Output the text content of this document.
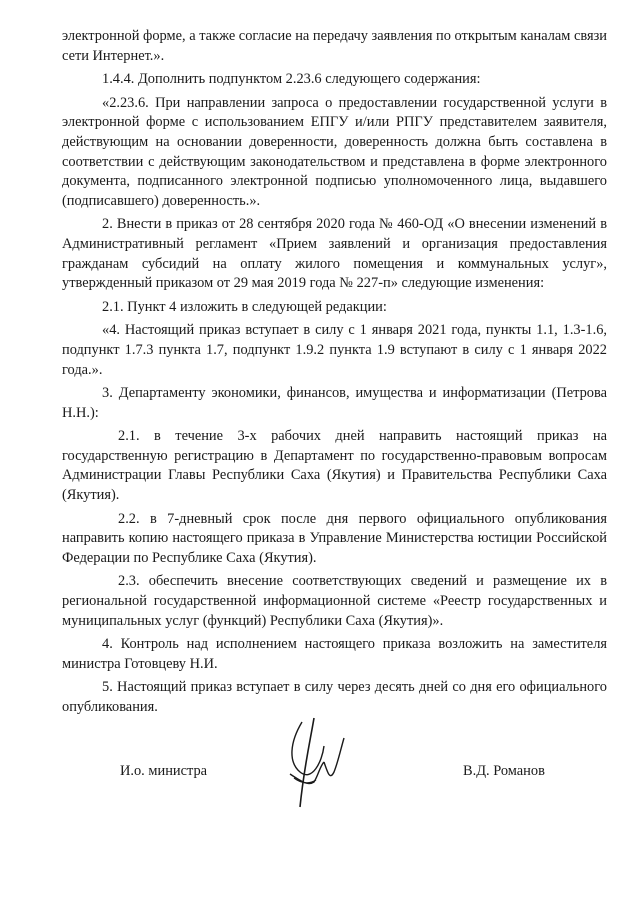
электронной форме, а также согласие на передачу заявления по открытым каналам связи сети Интернет.».

1.4.4. Дополнить подпунктом 2.23.6 следующего содержания:

«2.23.6. При направлении запроса о предоставлении государственной услуги в электронной форме с использованием ЕПГУ и/или РПГУ представителем заявителя, действующим на основании доверенности, доверенность должна быть составлена в соответствии с действующим законодательством и представлена в форме электронного документа, подписанного электронной подписью уполномоченного лица, выдавшего (подписавшего) доверенность.».

2. Внести в приказ от 28 сентября 2020 года № 460-ОД «О внесении изменений в Административный регламент «Прием заявлений и организация предоставления гражданам субсидий на оплату жилого помещения и коммунальных услуг», утвержденный приказом от 29 мая 2019 года № 227-п» следующие изменения:

2.1. Пункт 4 изложить в следующей редакции:

«4. Настоящий приказ вступает в силу с 1 января 2021 года, пункты 1.1, 1.3-1.6, подпункт 1.7.3 пункта 1.7, подпункт 1.9.2 пункта 1.9 вступают в силу с 1 января 2022 года.».

3. Департаменту экономики, финансов, имущества и информатизации (Петрова Н.Н.):

2.1. в течение 3-х рабочих дней направить настоящий приказ на государственную регистрацию в Департамент по государственно-правовым вопросам Администрации Главы Республики Саха (Якутия) и Правительства Республики Саха (Якутия).

2.2. в 7-дневный срок после дня первого официального опубликования направить копию настоящего приказа в Управление Министерства юстиции Российской Федерации по Республике Саха (Якутия).

2.3. обеспечить внесение соответствующих сведений и размещение их в региональной государственной информационной системе «Реестр государственных и муниципальных услуг (функций) Республики Саха (Якутия)».

4. Контроль над исполнением настоящего приказа возложить на заместителя министра Готовцеву Н.И.

5. Настоящий приказ вступает в силу через десять дней со дня его официального опубликования.

И.о. министра	В.Д. Романов
